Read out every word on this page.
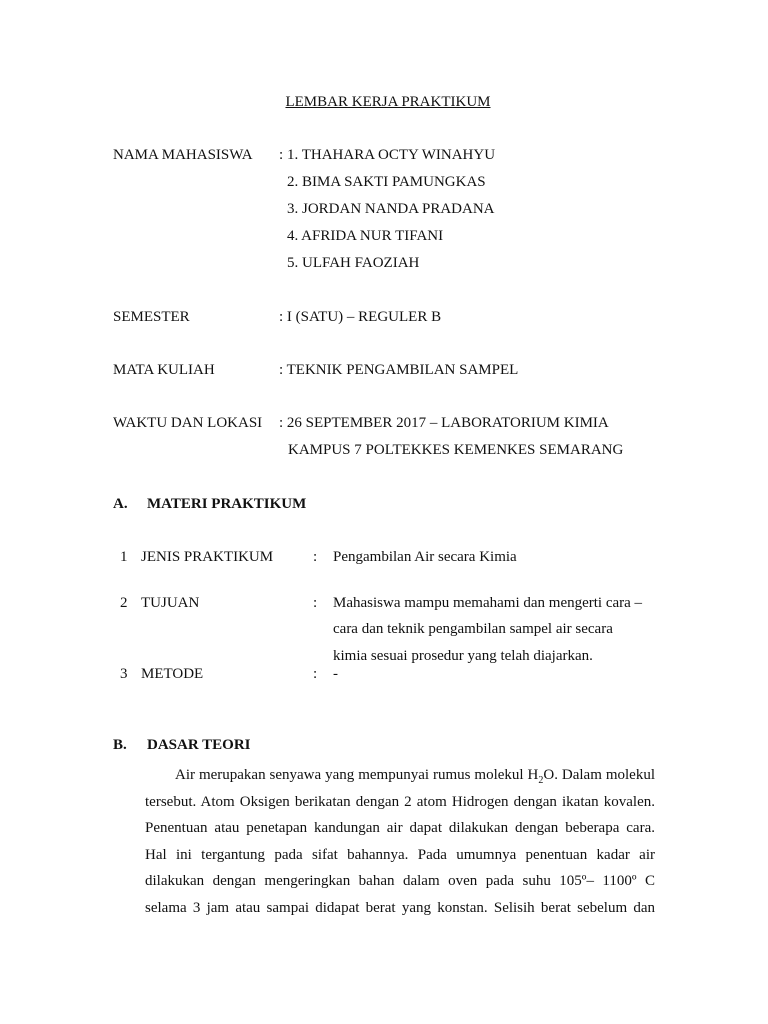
LEMBAR KERJA PRAKTIKUM
NAMA MAHASISWA : 1. THAHARA OCTY WINAHYU
2. BIMA SAKTI PAMUNGKAS
3. JORDAN NANDA PRADANA
4. AFRIDA NUR TIFANI
5. ULFAH FAOZIAH
SEMESTER	: I (SATU) – REGULER B
MATA KULIAH	: TEKNIK PENGAMBILAN SAMPEL
WAKTU DAN LOKASI : 26 SEPTEMBER 2017 – LABORATORIUM KIMIA
KAMPUS 7 POLTEKKES KEMENKES SEMARANG
A. MATERI PRAKTIKUM
1 JENIS PRAKTIKUM	: Pengambilan Air secara Kimia
2 TUJUAN	: Mahasiswa mampu memahami dan mengerti cara –
cara dan teknik pengambilan sampel air secara
kimia sesuai prosedur yang telah diajarkan.
3 METODE	: -
B. DASAR TEORI
Air merupakan senyawa yang mempunyai rumus molekul $H_2O$. Dalam molekul
tersebut. Atom Oksigen berikatan dengan 2 atom Hidrogen dengan ikatan kovalen.
Penentuan atau penetapan kandungan air dapat dilakukan dengan beberapa cara.
Hal ini tergantung pada sifat bahannya. Pada umumnya penentuan kadar air
dilakukan dengan mengeringkan bahan dalam oven pada suhu 105º– 1100º C
selama 3 jam atau sampai didapat berat yang konstan. Selisih berat sebelum dan
